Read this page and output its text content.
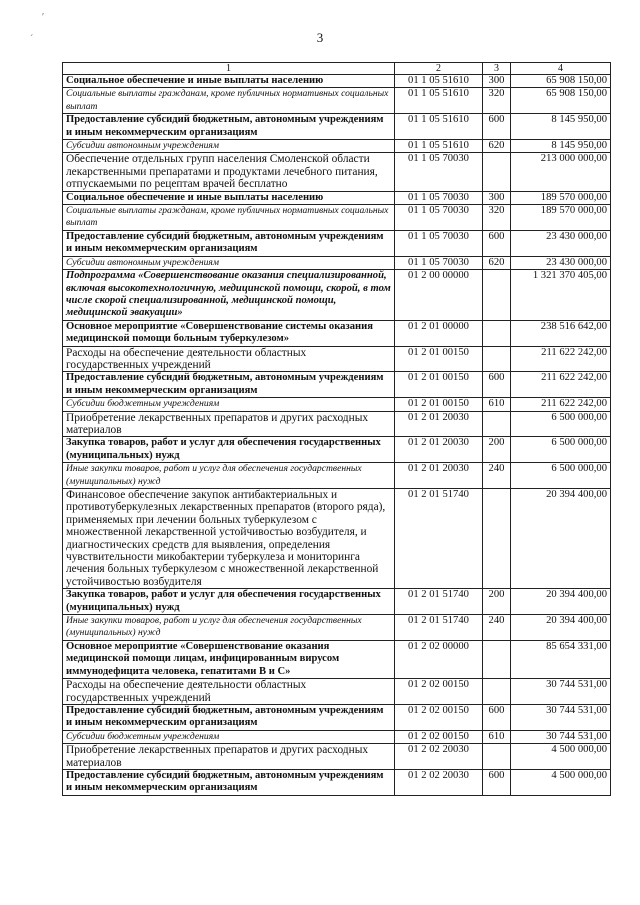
3
′
´
1	2	3	4
Социальное обеспечение и иные выплаты населению	01 1 05 51610	300	65 908 150,00
Социальные выплаты гражданам, кроме публичных нормативных социальных выплат	01 1 05 51610	320	65 908 150,00
Предоставление субсидий бюджетным, автономным учреждениям и иным некоммерческим организациям	01 1 05 51610	600	8 145 950,00
Субсидии автономным учреждениям	01 1 05 51610	620	8 145 950,00
Обеспечение отдельных групп населения Смоленской области лекарственными препаратами и продуктами лечебного питания, отпускаемыми по рецептам врачей бесплатно	01 1 05 70030		213 000 000,00
Социальное обеспечение и иные выплаты населению	01 1 05 70030	300	189 570 000,00
Социальные выплаты гражданам, кроме публичных нормативных социальных выплат	01 1 05 70030	320	189 570 000,00
Предоставление субсидий бюджетным, автономным учреждениям и иным некоммерческим организациям	01 1 05 70030	600	23 430 000,00
Субсидии автономным учреждениям	01 1 05 70030	620	23 430 000,00
Подпрограмма «Совершенствование оказания специализированной, включая высокотехнологичную, медицинской помощи, скорой, в том числе скорой специализированной, медицинской помощи, медицинской эвакуации»	01 2 00 00000		1 321 370 405,00
Основное мероприятие «Совершенствование системы оказания медицинской помощи больным туберкулезом»	01 2 01 00000		238 516 642,00
Расходы на обеспечение деятельности областных государственных учреждений	01 2 01 00150		211 622 242,00
Предоставление субсидий бюджетным, автономным учреждениям и иным некоммерческим организациям	01 2 01 00150	600	211 622 242,00
Субсидии бюджетным учреждениям	01 2 01 00150	610	211 622 242,00
Приобретение лекарственных препаратов и других расходных материалов	01 2 01 20030		6 500 000,00
Закупка товаров, работ и услуг для обеспечения государственных (муниципальных) нужд	01 2 01 20030	200	6 500 000,00
Иные закупки товаров, работ и услуг для обеспечения государственных (муниципальных) нужд	01 2 01 20030	240	6 500 000,00
Финансовое обеспечение закупок антибактериальных и противотуберкулезных лекарственных препаратов (второго ряда), применяемых при лечении больных туберкулезом с множественной лекарственной устойчивостью возбудителя, и диагностических средств для выявления, определения чувствительности микобактерии туберкулеза и мониторинга лечения больных туберкулезом с множественной лекарственной устойчивостью возбудителя	01 2 01 51740		20 394 400,00
Закупка товаров, работ и услуг для обеспечения государственных (муниципальных) нужд	01 2 01 51740	200	20 394 400,00
Иные закупки товаров, работ и услуг для обеспечения государственных (муниципальных) нужд	01 2 01 51740	240	20 394 400,00
Основное мероприятие «Совершенствование оказания медицинской помощи лицам, инфицированным вирусом иммунодефицита человека, гепатитами В и С»	01 2 02 00000		85 654 331,00
Расходы на обеспечение деятельности областных государственных учреждений	01 2 02 00150		30 744 531,00
Предоставление субсидий бюджетным, автономным учреждениям и иным некоммерческим организациям	01 2 02 00150	600	30 744 531,00
Субсидии бюджетным учреждениям	01 2 02 00150	610	30 744 531,00
Приобретение лекарственных препаратов и других расходных материалов	01 2 02 20030		4 500 000,00
Предоставление субсидий бюджетным, автономным учреждениям и иным некоммерческим организациям	01 2 02 20030	600	4 500 000,00
